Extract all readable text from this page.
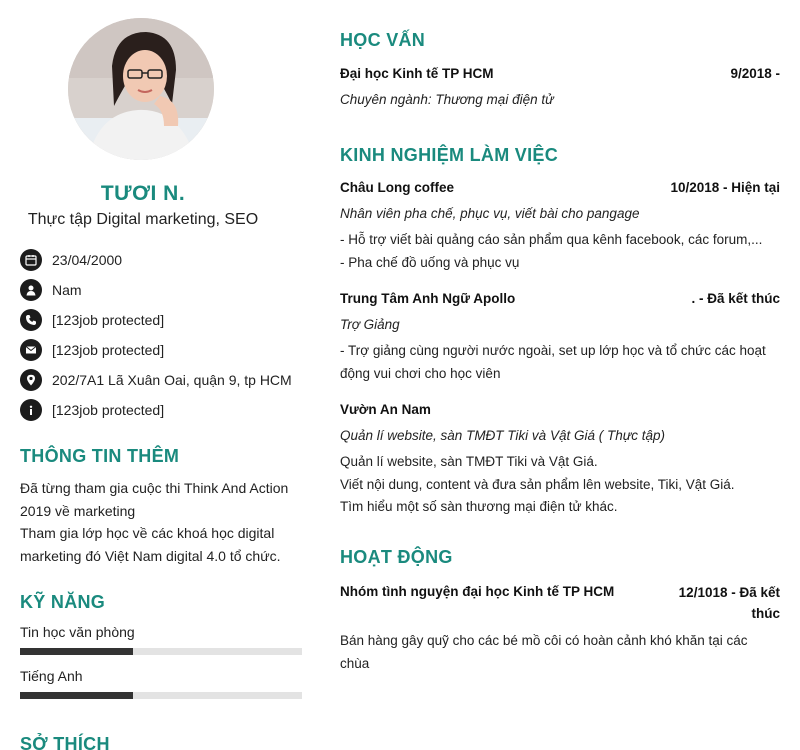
TƯƠI N.
Thực tập Digital marketing, SEO
23/04/2000
Nam
[123job protected]
[123job protected]
202/7A1 Lã Xuân Oai, quận 9, tp HCM
[123job protected]
THÔNG TIN THÊM
Đã từng tham gia cuộc thi Think And Action
2019 về marketing
Tham gia lớp học về các khoá học digital
marketing đó Việt Nam digital 4.0 tổ chức.
KỸ NĂNG
Tin học văn phòng
Tiếng Anh
SỞ THÍCH
HỌC VẤN
Đại học Kinh tế TP HCM	9/2018 -
Chuyên ngành: Thương mại điện tử
KINH NGHIỆM LÀM VIỆC
Châu Long coffee	10/2018 - Hiện tại
Nhân viên pha chế, phục vụ, viết bài cho pangage
- Hỗ trợ viết bài quảng cáo sản phẩm qua kênh facebook, các forum,...
- Pha chế đồ uống và phục vụ
Trung Tâm Anh Ngữ Apollo	. - Đã kết thúc
Trợ Giảng
- Trợ giảng cùng người nước ngoài, set up lớp học và tổ chức các hoạt
động vui chơi cho học viên
Vườn An Nam
Quản lí website, sàn TMĐT Tiki và Vật Giá ( Thực tập)
Quản lí website, sàn TMĐT Tiki và Vật Giá.
Viết nội dung, content và đưa sản phẩm lên website, Tiki, Vật Giá.
Tìm hiểu một số sàn thương mại điện tử khác.
HOẠT ĐỘNG
Nhóm tình nguyện đại học Kinh tế TP HCM	12/1018 - Đã kết
thúc
Bán hàng gây quỹ cho các bé mồ côi có hoàn cảnh khó khăn tại các
chùa
